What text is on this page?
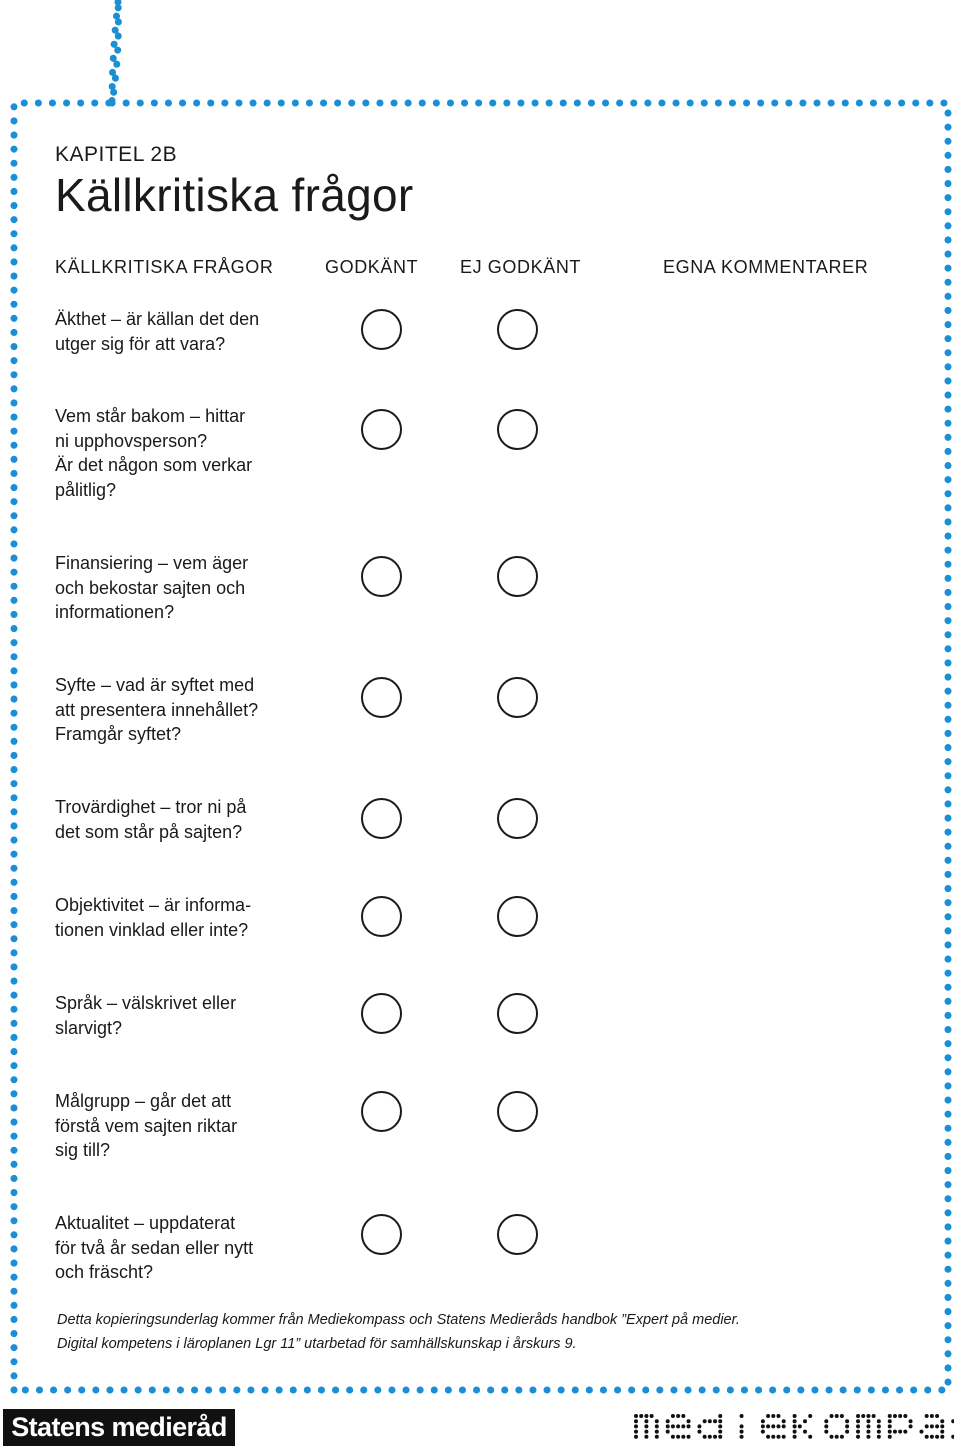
KAPITEL 2B
Källkritiska frågor
KÄLLKRITISKA FRÅGOR	GODKÄNT EJ GODKÄNT	EGNA KOMMENTARER
Äkthet – är källan det den
utger sig för att vara?
Vem står bakom – hittar
ni upphovsperson?
Är det någon som verkar
pålitlig?
Finansiering – vem äger
och bekostar sajten och
informationen?
Syfte – vad är syftet med
att presentera innehållet?
Framgår syftet?
Trovärdighet – tror ni på
det som står på sajten?
Objektivitet – är informa-
tionen vinklad eller inte?
Språk – välskrivet eller
slarvigt?
Målgrupp – går det att
förstå vem sajten riktar
sig till?
Aktualitet – uppdaterat
för två år sedan eller nytt
och fräscht?
Detta kopieringsunderlag kommer från Mediekompass och Statens Medieråds handbok ”Expert på medier.
Digital kompetens i läroplanen Lgr 11” utarbetad för samhällskunskap i årskurs 9.
Statens medieråd
